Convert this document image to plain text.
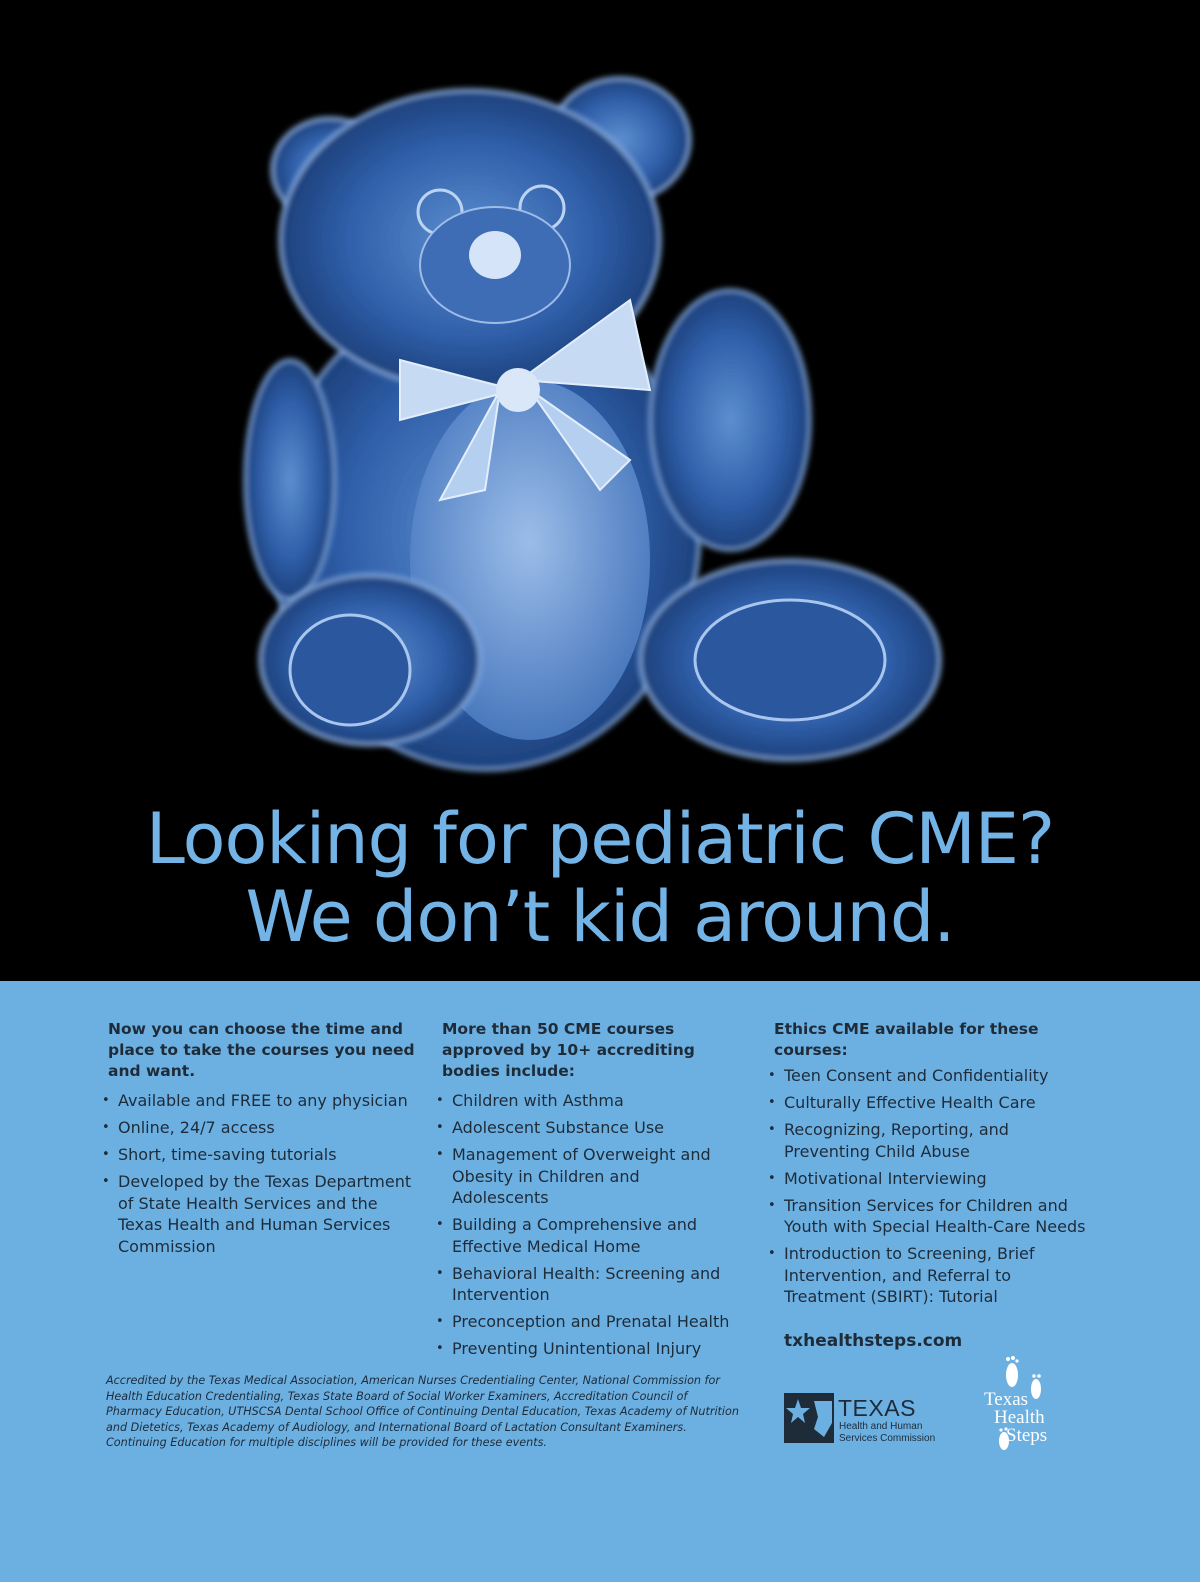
Looking for pediatric CME?
We don’t kid around.
Now you can choose the time and place to take the courses you need and want.
• Available and FREE to any physician
• Online, 24/7 access
• Short, time-saving tutorials
• Developed by the Texas Department of State Health Services and the Texas Health and Human Services Commission
More than 50 CME courses approved by 10+ accrediting bodies include:
• Children with Asthma
• Adolescent Substance Use
• Management of Overweight and Obesity in Children and Adolescents
• Building a Comprehensive and Effective Medical Home
• Behavioral Health: Screening and Intervention
• Preconception and Prenatal Health
• Preventing Unintentional Injury
Ethics CME available for these courses:
• Teen Consent and Confidentiality
• Culturally Effective Health Care
• Recognizing, Reporting, and Preventing Child Abuse
• Motivational Interviewing
• Transition Services for Children and Youth with Special Health-Care Needs
• Introduction to Screening, Brief Intervention, and Referral to Treatment (SBIRT): Tutorial
txhealthsteps.com
Accredited by the Texas Medical Association, American Nurses Credentialing Center, National Commission for Health Education Credentialing, Texas State Board of Social Worker Examiners, Accreditation Council of Pharmacy Education, UTHSCSA Dental School Office of Continuing Dental Education, Texas Academy of Nutrition and Dietetics, Texas Academy of Audiology, and International Board of Lactation Consultant Examiners. Continuing Education for multiple disciplines will be provided for these events.
TEXAS
Health and Human
Services Commission
Texas
Health
Steps
